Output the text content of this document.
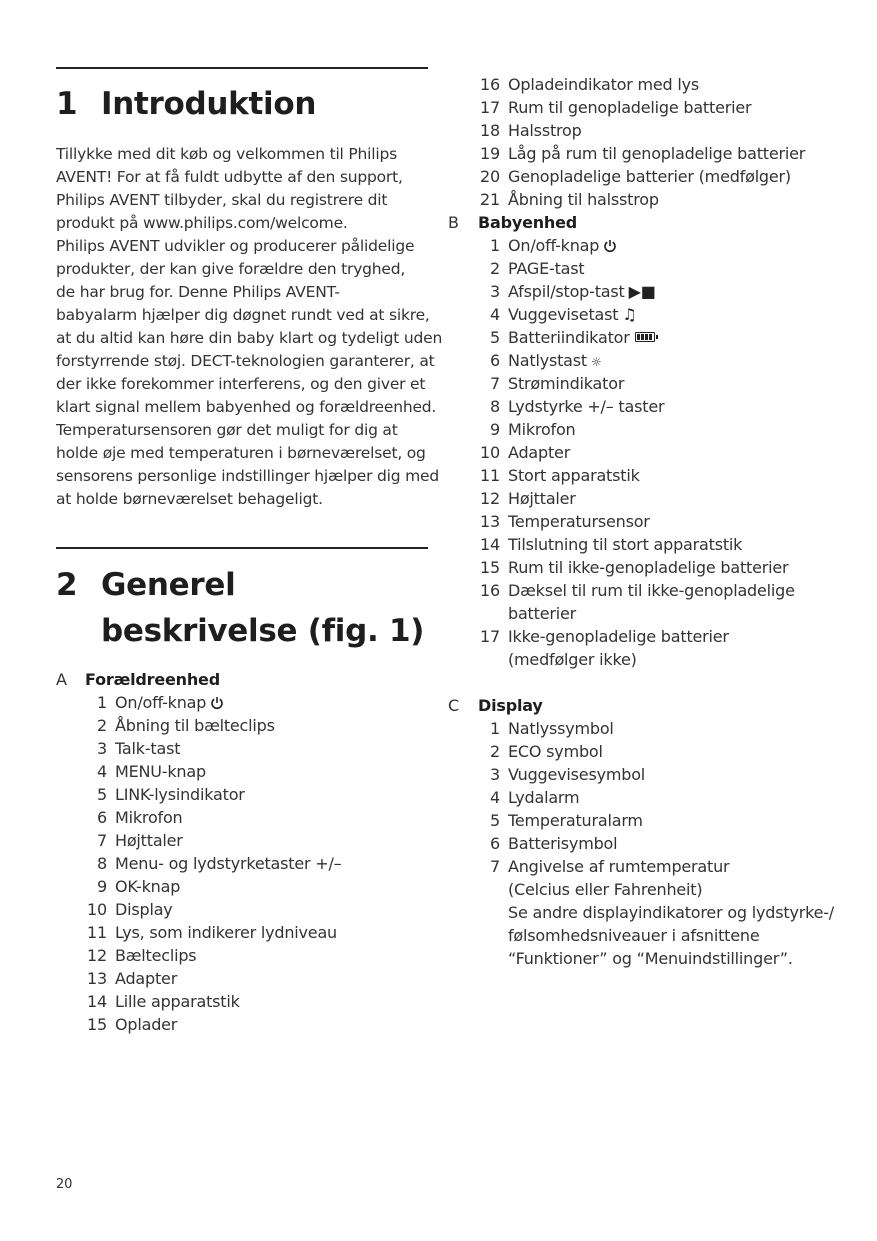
1 Introduktion
Tillykke med dit køb og velkommen til Philips
AVENT! For at få fuldt udbytte af den support,
Philips AVENT tilbyder, skal du registrere dit
produkt på www.philips.com/welcome.
Philips AVENT udvikler og producerer pålidelige
produkter, der kan give forældre den tryghed,
de har brug for. Denne Philips AVENT-
babyalarm hjælper dig døgnet rundt ved at sikre,
at du altid kan høre din baby klart og tydeligt uden
forstyrrende støj. DECT-teknologien garanterer, at
der ikke forekommer interferens, og den giver et
klart signal mellem babyenhed og forældreenhed.
Temperatursensoren gør det muligt for dig at
holde øje med temperaturen i børneværelset, og
sensorens personlige indstillinger hjælper dig med
at holde børneværelset behageligt.
2 Generel
beskrivelse (fig. 1)
A Forældreenhed
1 On/off-knap
2 Åbning til bælteclips
3 Talk-tast
4 MENU-knap
5 LINK-lysindikator
6 Mikrofon
7 Højttaler
8 Menu- og lydstyrketaster +/–
9 OK-knap
10 Display
11 Lys, som indikerer lydniveau
12 Bælteclips
13 Adapter
14 Lille apparatstik
15 Oplader
16 Opladeindikator med lys
17 Rum til genopladelige batterier
18 Halsstrop
19 Låg på rum til genopladelige batterier
20 Genopladelige batterier (medfølger)
21 Åbning til halsstrop
B Babyenhed
1 On/off-knap
2 PAGE-tast
3 Afspil/stop-tast ▶■
4 Vuggevisetast ♫
5 Batteriindikator
6 Natlystast ☼
7 Strømindikator
8 Lydstyrke +/– taster
9 Mikrofon
10 Adapter
11 Stort apparatstik
12 Højttaler
13 Temperatursensor
14 Tilslutning til stort apparatstik
15 Rum til ikke-genopladelige batterier
16 Dæksel til rum til ikke-genopladelige
batterier
17 Ikke-genopladelige batterier
(medfølger ikke)
C Display
1 Natlyssymbol
2 ECO symbol
3 Vuggevisesymbol
4 Lydalarm
5 Temperaturalarm
6 Batterisymbol
7 Angivelse af rumtemperatur
(Celcius eller Fahrenheit)
Se andre displayindikatorer og lydstyrke-/
følsomhedsniveauer i afsnittene
“Funktioner” og “Menuindstillinger”.
20
